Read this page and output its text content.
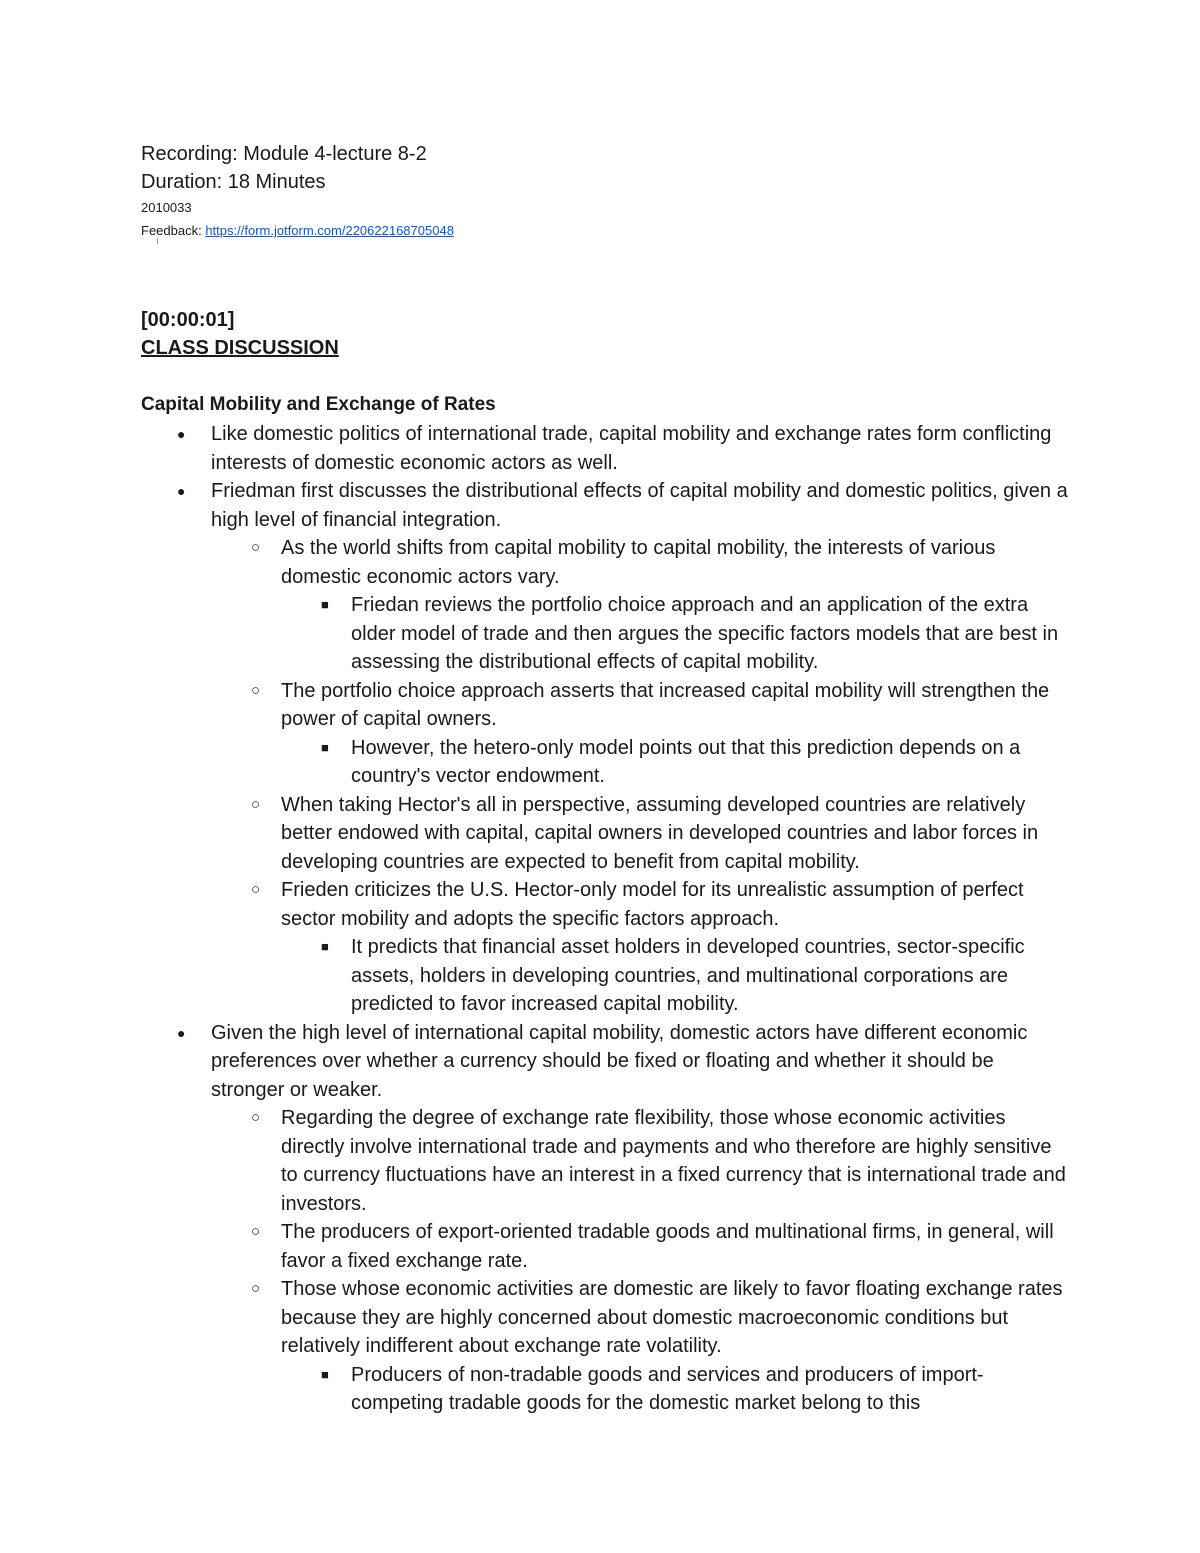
Recording: Module 4-lecture 8-2
Duration: 18 Minutes
2010033
Feedback: https://form.jotform.com/220622168705048
[00:00:01]
CLASS DISCUSSION
Capital Mobility and Exchange of Rates
● Like domestic politics of international trade, capital mobility and exchange rates form conflicting interests of domestic economic actors as well.
● Friedman first discusses the distributional effects of capital mobility and domestic politics, given a high level of financial integration.
○ As the world shifts from capital mobility to capital mobility, the interests of various domestic economic actors vary.
■ Friedan reviews the portfolio choice approach and an application of the extra older model of trade and then argues the specific factors models that are best in assessing the distributional effects of capital mobility.
○ The portfolio choice approach asserts that increased capital mobility will strengthen the power of capital owners.
■ However, the hetero-only model points out that this prediction depends on a country's vector endowment.
○ When taking Hector's all in perspective, assuming developed countries are relatively better endowed with capital, capital owners in developed countries and labor forces in developing countries are expected to benefit from capital mobility.
○ Frieden criticizes the U.S. Hector-only model for its unrealistic assumption of perfect sector mobility and adopts the specific factors approach.
■ It predicts that financial asset holders in developed countries, sector-specific assets, holders in developing countries, and multinational corporations are predicted to favor increased capital mobility.
● Given the high level of international capital mobility, domestic actors have different economic preferences over whether a currency should be fixed or floating and whether it should be stronger or weaker.
○ Regarding the degree of exchange rate flexibility, those whose economic activities directly involve international trade and payments and who therefore are highly sensitive to currency fluctuations have an interest in a fixed currency that is international trade and investors.
○ The producers of export-oriented tradable goods and multinational firms, in general, will favor a fixed exchange rate.
○ Those whose economic activities are domestic are likely to favor floating exchange rates because they are highly concerned about domestic macroeconomic conditions but relatively indifferent about exchange rate volatility.
■ Producers of non-tradable goods and services and producers of import-competing tradable goods for the domestic market belong to this
